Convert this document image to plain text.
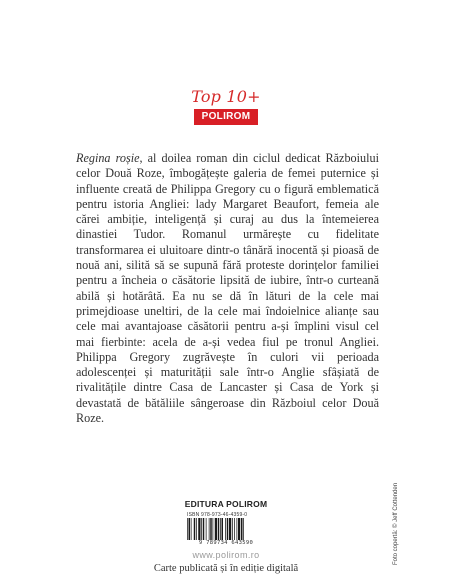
Top 10+
POLIROM
Regina roșie, al doilea roman din ciclul dedicat Războiului celor Două Roze, îmbogățește galeria de femei puternice și influente creată de Philippa Gregory cu o figură emblematică pentru istoria Angliei: lady Margaret Beaufort, femeia ale cărei ambiție, inteligență și curaj au dus la întemeierea dinastiei Tudor. Romanul urmărește cu fidelitate transformarea ei uluitoare dintr-o tânără inocentă și pioasă de nouă ani, silită să se supună fără proteste dorințelor familiei pentru a încheia o căsătorie lipsită de iubire, într-o curteană abilă și hotărâtă. Ea nu se dă în lături de la cele mai primejdioase uneltiri, de la cele mai îndoielnice alianțe sau cele mai avantajoase căsătorii pentru a-și împlini visul cel mai fierbinte: acela de a-și vedea fiul pe tronul Angliei. Philippa Gregory zugrăvește în culori vii perioada adolescenței și maturității sale într-o Anglie sfâșiată de rivalitățile dintre Casa de Lancaster și Casa de York și devastată de bătăliile sângeroase din Războiul celor Două Roze.
EDITURA POLIROM
ISBN 978-973-46-4359-0
9 789734 643590
www.polirom.ro
Carte publicată și în ediție digitală
Foto copertă: © Jeff Cottenden
